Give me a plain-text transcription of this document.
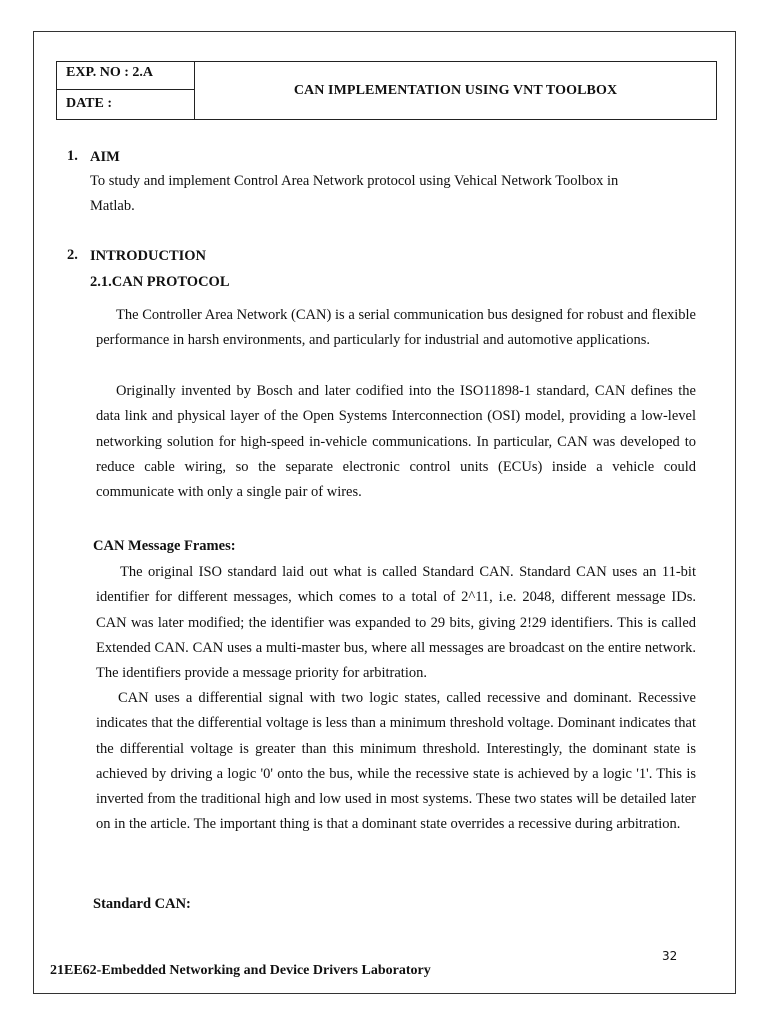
EXP. NO : 2.A
DATE :
CAN IMPLEMENTATION USING VNT TOOLBOX
1. AIM
To study and implement Control Area Network protocol using Vehical Network Toolbox in
Matlab.
2. INTRODUCTION
2.1.CAN PROTOCOL
The Controller Area Network (CAN) is a serial communication bus designed for robust and flexible performance in harsh environments, and particularly for industrial and automotive applications.
Originally invented by Bosch and later codified into the ISO11898-1 standard, CAN defines the data link and physical layer of the Open Systems Interconnection (OSI) model, providing a low-level networking solution for high-speed in-vehicle communications. In particular, CAN was developed to reduce cable wiring, so the separate electronic control units (ECUs) inside a vehicle could communicate with only a single pair of wires.
CAN Message Frames:
The original ISO standard laid out what is called Standard CAN. Standard CAN uses an 11-bit identifier for different messages, which comes to a total of 2^11, i.e. 2048, different message IDs. CAN was later modified; the identifier was expanded to 29 bits, giving 2!29 identifiers. This is called Extended CAN. CAN uses a multi-master bus, where all messages are broadcast on the entire network. The identifiers provide a message priority for arbitration.
CAN uses a differential signal with two logic states, called recessive and dominant. Recessive indicates that the differential voltage is less than a minimum threshold voltage. Dominant indicates that the differential voltage is greater than this minimum threshold. Interestingly, the dominant state is achieved by driving a logic '0' onto the bus, while the recessive state is achieved by a logic '1'. This is inverted from the traditional high and low used in most systems. These two states will be detailed later on in the article. The important thing is that a dominant state overrides a recessive during arbitration.
Standard CAN:
32
21EE62-Embedded Networking and Device Drivers Laboratory
